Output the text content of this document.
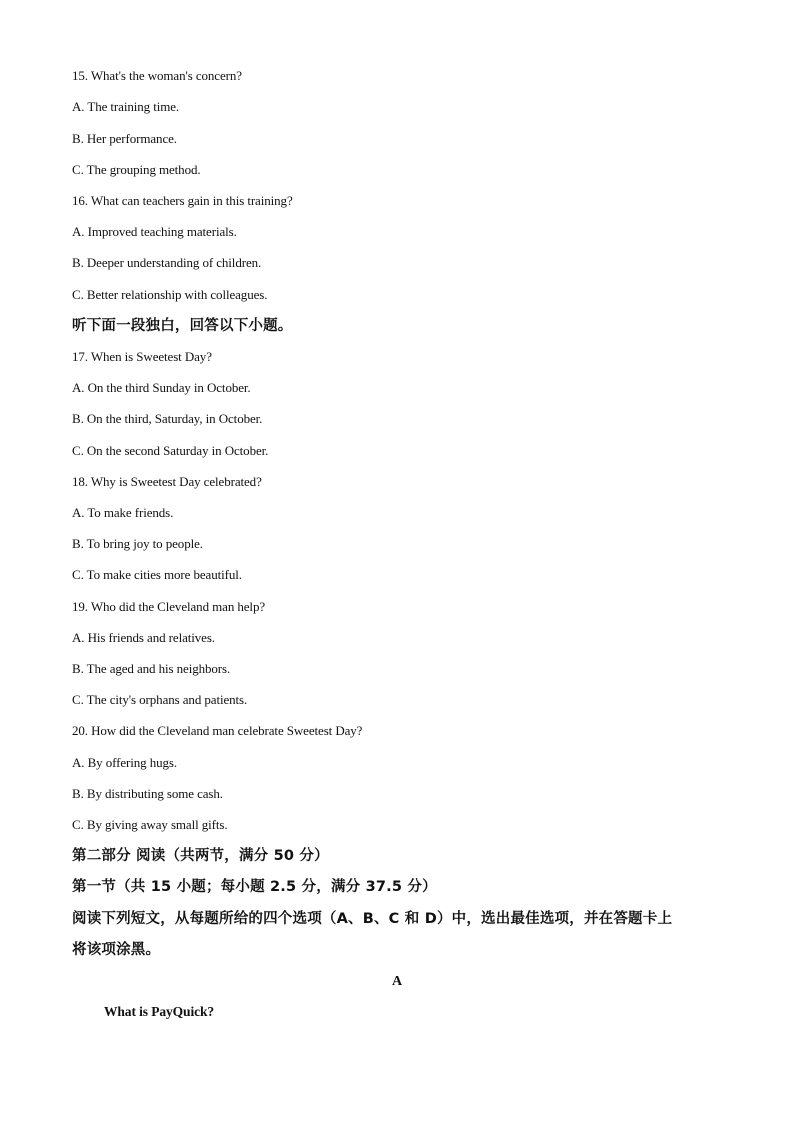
15. What's the woman's concern?
A. The training time.
B. Her performance.
C. The grouping method.
16. What can teachers gain in this training?
A. Improved teaching materials.
B. Deeper understanding of children.
C. Better relationship with colleagues.
听下面一段独白，回答以下小题。
17. When is Sweetest Day?
A. On the third Sunday in October.
B. On the third, Saturday, in October.
C. On the second Saturday in October.
18. Why is Sweetest Day celebrated?
A. To make friends.
B. To bring joy to people.
C. To make cities more beautiful.
19. Who did the Cleveland man help?
A. His friends and relatives.
B. The aged and his neighbors.
C. The city's orphans and patients.
20. How did the Cleveland man celebrate Sweetest Day?
A. By offering hugs.
B. By distributing some cash.
C. By giving away small gifts.
第二部分 阅读（共两节，满分 50 分）
第一节（共 15 小题；每小题 2.5 分，满分 37.5 分）
阅读下列短文，从每题所给的四个选项（A、B、C 和 D）中，选出最佳选项，并在答题卡上
将该项涂黑。
A
What is PayQuick?
